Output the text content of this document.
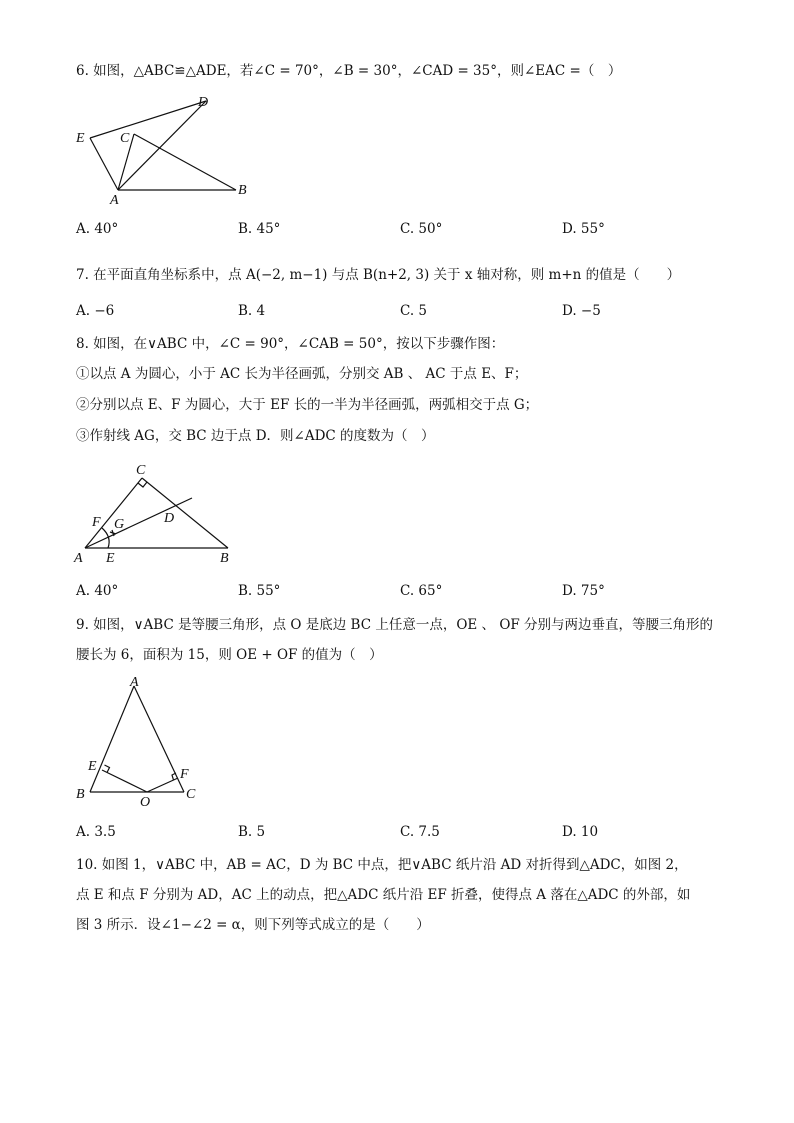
6. 如图，△ABC≌△ADE，若∠C = 70°，∠B = 30°，∠CAD = 35°，则∠EAC =（　）
D
E	C
A
B
A. 40°	B. 45°	C. 50°	D. 55°
7. 在平面直角坐标系中，点 A(−2, m−1) 与点 B(n+2, 3) 关于 x 轴对称，则 m+n 的值是（　　）
A. −6	B. 4	C. 5	D. −5
8. 如图，在∨ABC 中，∠C = 90°，∠CAB = 50°，按以下步骤作图：
①以点 A 为圆心，小于 AC 长为半径画弧，分别交 AB 、 AC 于点 E、F；
②分别以点 E、F 为圆心，大于 EF 长的一半为半径画弧，两弧相交于点 G；
③作射线 AG，交 BC 边于点 D．则∠ADC 的度数为（　）
C
F G	D
A E	B
A. 40°	B. 55°	C. 65°	D. 75°
9. 如图，∨ABC 是等腰三角形，点 O 是底边 BC 上任意一点，OE 、 OF 分别与两边垂直，等腰三角形的
腰长为 6，面积为 15，则 OE + OF 的值为（　）
A
E
F
B
O
C
A. 3.5	B. 5	C. 7.5	D. 10
10. 如图 1，∨ABC 中，AB = AC，D 为 BC 中点，把∨ABC 纸片沿 AD 对折得到△ADC，如图 2，
点 E 和点 F 分别为 AD，AC 上的动点，把△ADC 纸片沿 EF 折叠，使得点 A 落在△ADC 的外部，如
图 3 所示．设∠1−∠2 = α，则下列等式成立的是（　　）
